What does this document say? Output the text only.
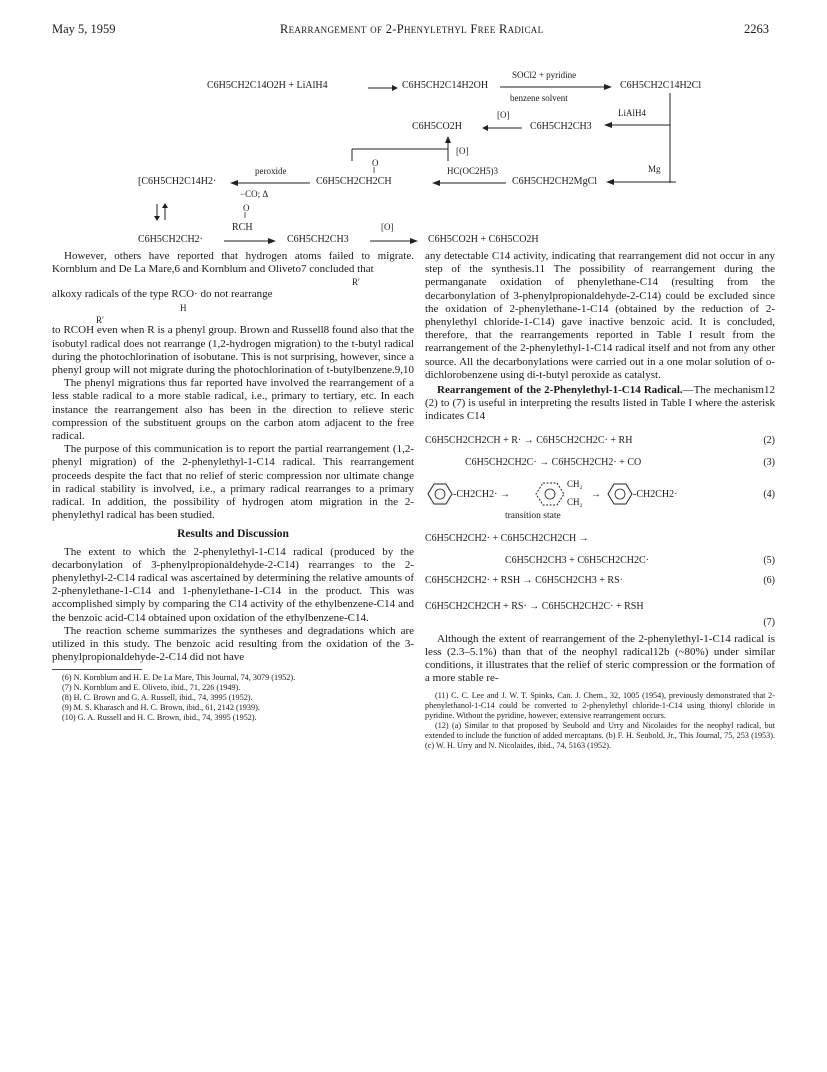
May 5, 1959	Rearrangement of 2-Phenylethyl Free Radical	2263
C6H5CH2C14O2H + LiAlH4	C6H5CH2C14H2OH
SOCl2 + pyridine
benzene solvent
C6H5CH2C14H2Cl
C6H5CO2H
[O]
C6H5CH2CH3
LiAlH4
[O]
O
‖
[C6H5CH2C14H2·
peroxide
−CO; Δ
C6H5CH2CH2CH
HC(OC2H5)3
C6H5CH2CH2MgCl
Mg
O
‖
C6H5CH2CH2·
RCH
C6H5CH2CH3
[O]
C6H5CO2H + C6H5CO2H

However, others have reported that hydrogen atoms failed to migrate. Kornblum and De La Mare,6 and Kornblum and Oliveto7 concluded that

R′

alkoxy radicals of the type RCO· do not rearrange

H
R′

to RCOH even when R is a phenyl group. Brown and Russell8 found also that the isobutyl radical does not rearrange (1,2-hydrogen migration) to the t-butyl radical during the photochlorination of isobutane. This is not surprising, however, since a phenyl group will not migrate during the photochlorination of t-butylbenzene.9,10

The phenyl migrations thus far reported have involved the rearrangement of a less stable radical to a more stable radical, i.e., primary to tertiary, etc. In each instance the rearrangement also has been in the direction to relieve steric compression of the substituent groups on the carbon atom adjacent to the free radical.

The purpose of this communication is to report the partial rearrangement (1,2-phenyl migration) of the 2-phenylethyl-1-C14 radical. This rearrangement proceeds despite the fact that no relief of steric compression nor ultimate change in radical stability is involved, i.e., a primary radical rearranges to a primary radical. In addition, the possibility of hydrogen atom migration in the 2-phenylethyl radical has been studied.

Results and Discussion

The extent to which the 2-phenylethyl-1-C14 radical (produced by the decarbonylation of 3-phenylpropionaldehyde-2-C14) rearranges to the 2-phenylethyl-2-C14 radical was ascertained by determining the relative amounts of 2-phenylethane-1-C14 and 1-phenylethane-1-C14 in the product. This was accomplished simply by comparing the C14 activity of the ethylbenzene-C14 and the benzoic acid-C14 obtained upon oxidation of the ethylbenzene-C14.

The reaction scheme summarizes the syntheses and degradations which are utilized in this study. The benzoic acid resulting from the oxidation of the 3-phenylpropionaldehyde-2-C14 did not have

(6) N. Kornblum and H. E. De La Mare, This Journal, 74, 3079 (1952).

(7) N. Kornblum and E. Oliveto, ibid., 71, 226 (1949).

(8) H. C. Brown and G. A. Russell, ibid., 74, 3995 (1952).

(9) M. S. Kharasch and H. C. Brown, ibid., 61, 2142 (1939).

(10) G. A. Russell and H. C. Brown, ibid., 74, 3995 (1952).

any detectable C14 activity, indicating that rearrangement did not occur in any step of the synthesis.11 The possibility of rearrangement during the permanganate oxidation of phenylethane-C14 (resulting from the decarbonylation of 3-phenylpropionaldehyde-2-C14) could be excluded since the oxidation of 2-phenylethane-1-C14 (obtained by the reduction of 2-phenylethyl chloride-1-C14) gave inactive benzoic acid. It is concluded, therefore, that the rearrangements reported in Table I result from the rearrangement of the 2-phenylethyl-1-C14 radical itself and not from any other source. All the decarbonylations were carried out in a one molar solution of o-dichlorobenzene using di-t-butyl peroxide as catalyst.

Rearrangement of the 2-Phenylethyl-1-C14 Radical.—The mechanism12 (2) to (7) is useful in interpreting the results listed in Table I where the asterisk indicates C14

C6H5CH2CH2CH + R· → C6H5CH2CH2C· + RH	(2)
C6H5CH2CH2C· → C6H5CH2CH2· + CO	(3)
-CH2CH2· →
CH₂
CH₂
→	-CH2CH2·	(4)
transition state
C6H5CH2CH2· + C6H5CH2CH2CH →
C6H5CH2CH3 + C6H5CH2CH2C·	(5)
C6H5CH2CH2· + RSH → C6H5CH2CH3 + RS·	(6)
C6H5CH2CH2CH + RS· → C6H5CH2CH2C· + RSH
(7)

Although the extent of rearrangement of the 2-phenylethyl-1-C14 radical is less (2.3–5.1%) than that of the neophyl radical12b (~80%) under similar conditions, it illustrates that the relief of steric compression or the formation of a more stable re-

(11) C. C. Lee and J. W. T. Spinks, Can. J. Chem., 32, 1005 (1954), previously demonstrated that 2-phenylethanol-1-C14 could be converted to 2-phenylethyl chloride-1-C14 using thionyl chloride in pyridine. Without the pyridine, however, extensive rearrangement occurs.

(12) (a) Similar to that proposed by Seubold and Urry and Nicolaides for the neophyl radical, but extended to include the function of added mercaptans. (b) F. H. Seubold, Jr., This Journal, 75, 253 (1953). (c) W. H. Urry and N. Nicolaides, ibid., 74, 5163 (1952).
